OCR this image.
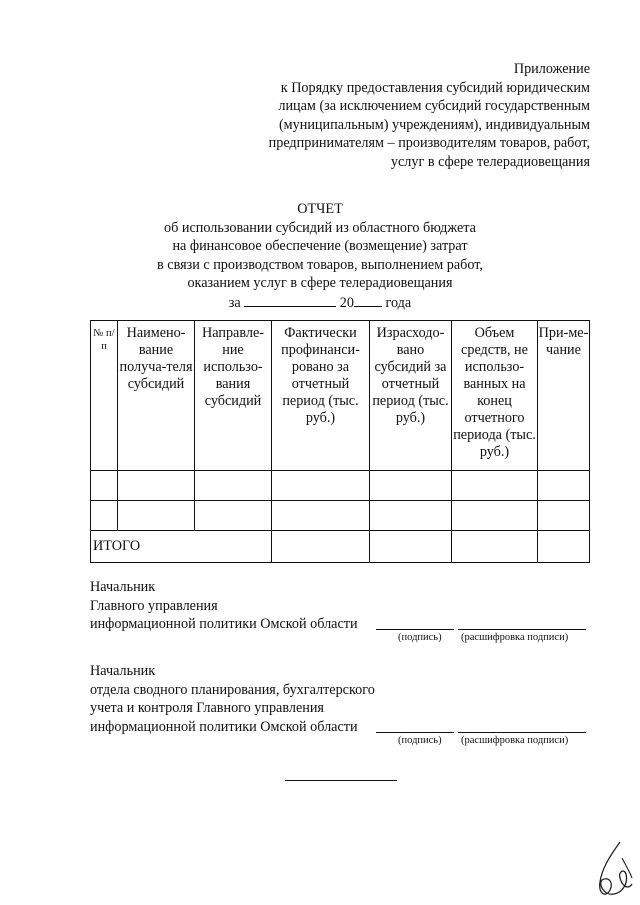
Приложение
к Порядку предоставления субсидий юридическим
лицам (за исключением субсидий государственным
(муниципальным) учреждениям), индивидуальным
предпринимателям – производителям товаров, работ,
услуг в сфере телерадиовещания
ОТЧЕТ
об использовании субсидий из областного бюджета
на финансовое обеспечение (возмещение) затрат
в связи с производством товаров, выполнением работ,
оказанием услуг в сфере телерадиовещания
за	20 года
№ п/п	Наимено-вание получа-теля субсидий	Направле-ние использо-вания субсидий	Фактически профинанси-ровано за отчетный период (тыс. руб.)	Израсходо-вано субсидий за отчетный период (тыс. руб.)	Объем средств, не использо-ванных на конец отчетного периода (тыс. руб.)	При-ме-чание

ИТОГО						
Начальник
Главного управления
информационной политики Омской области
(подпись) (расшифровка подписи)
Начальник
отдела сводного планирования, бухгалтерского
учета и контроля Главного управления
информационной политики Омской области
(подпись) (расшифровка подписи)
